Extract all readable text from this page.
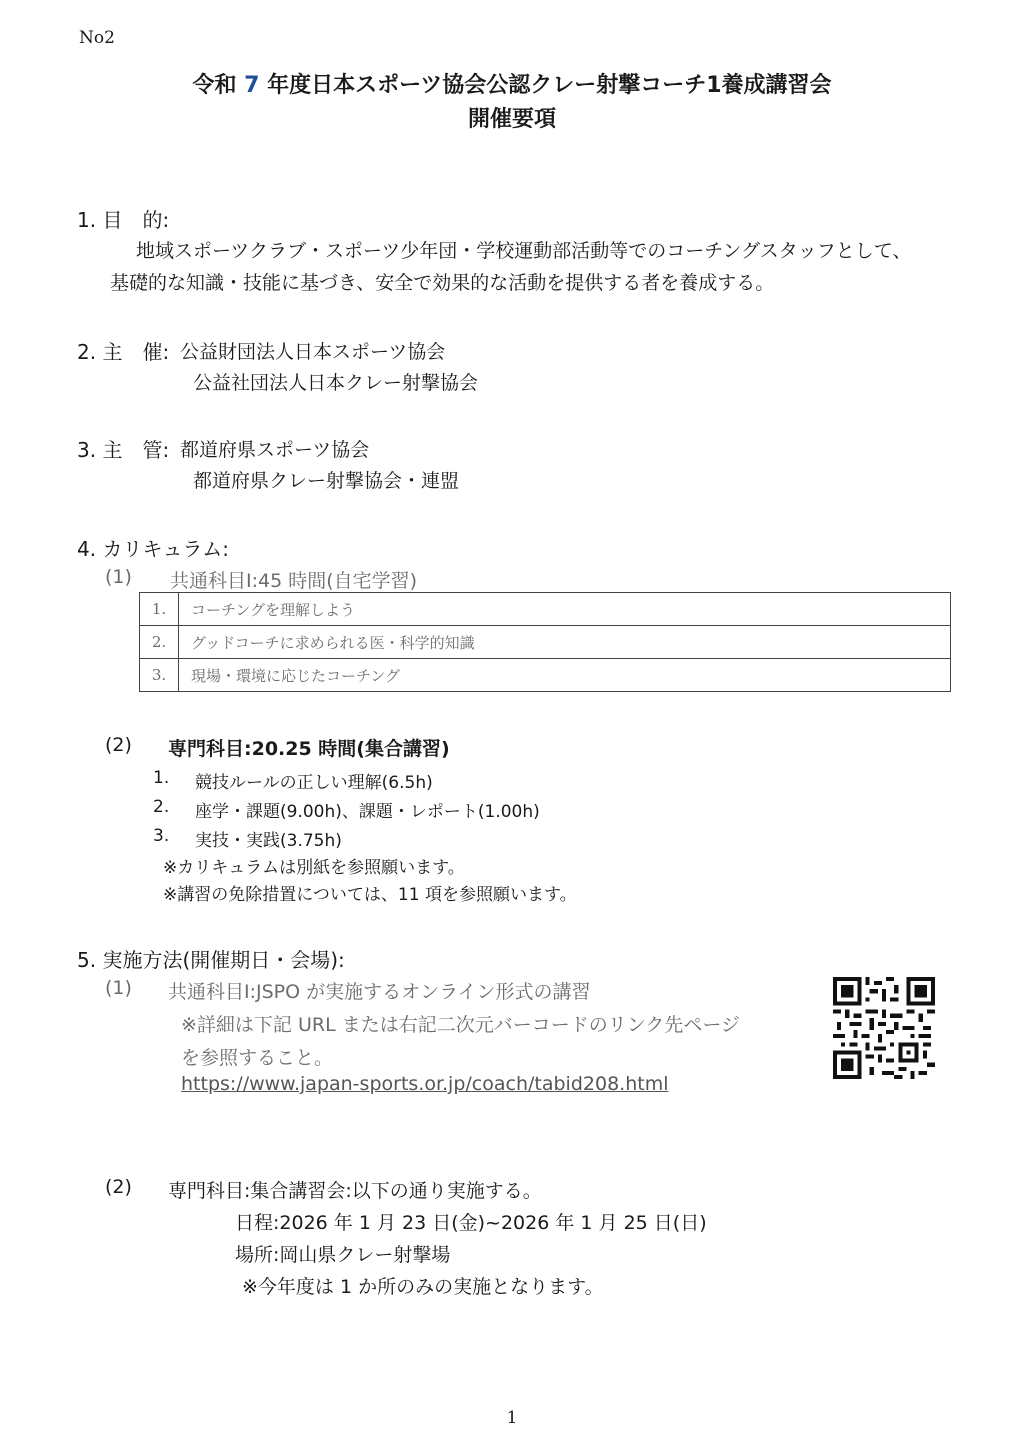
No2
令和 7 年度日本スポーツ協会公認クレー射撃コーチ1養成講習会
開催要項
1. 目　的:
地域スポーツクラブ・スポーツ少年団・学校運動部活動等でのコーチングスタッフとして、
基礎的な知識・技能に基づき、安全で効果的な活動を提供する者を養成する。
2. 主　催: 公益財団法人日本スポーツ協会
公益社団法人日本クレー射撃協会
3. 主　管: 都道府県スポーツ協会
都道府県クレー射撃協会・連盟
4. カリキュラム:
(1) 共通科目Ⅰ:45 時間(自宅学習)
1.	コーチングを理解しよう
2.	グッドコーチに求められる医・科学的知識
3.	現場・環境に応じたコーチング
(2) 専門科目:20.25 時間(集合講習)
1. 競技ルールの正しい理解(6.5h)
2. 座学・課題(9.00h)、課題・レポート(1.00h)
3. 実技・実践(3.75h)
※カリキュラムは別紙を参照願います。
※講習の免除措置については、11 項を参照願います。
5. 実施方法(開催期日・会場):
(1) 共通科目Ⅰ:JSPO が実施するオンライン形式の講習
※詳細は下記 URL または右記二次元バーコードのリンク先ページ
を参照すること。
https://www.japan-sports.or.jp/coach/tabid208.html
(2) 専門科目:集合講習会:以下の通り実施する。
日程:2026 年 1 月 23 日(金)~2026 年 1 月 25 日(日)
場所:岡山県クレー射撃場
※今年度は 1 か所のみの実施となります。
1
